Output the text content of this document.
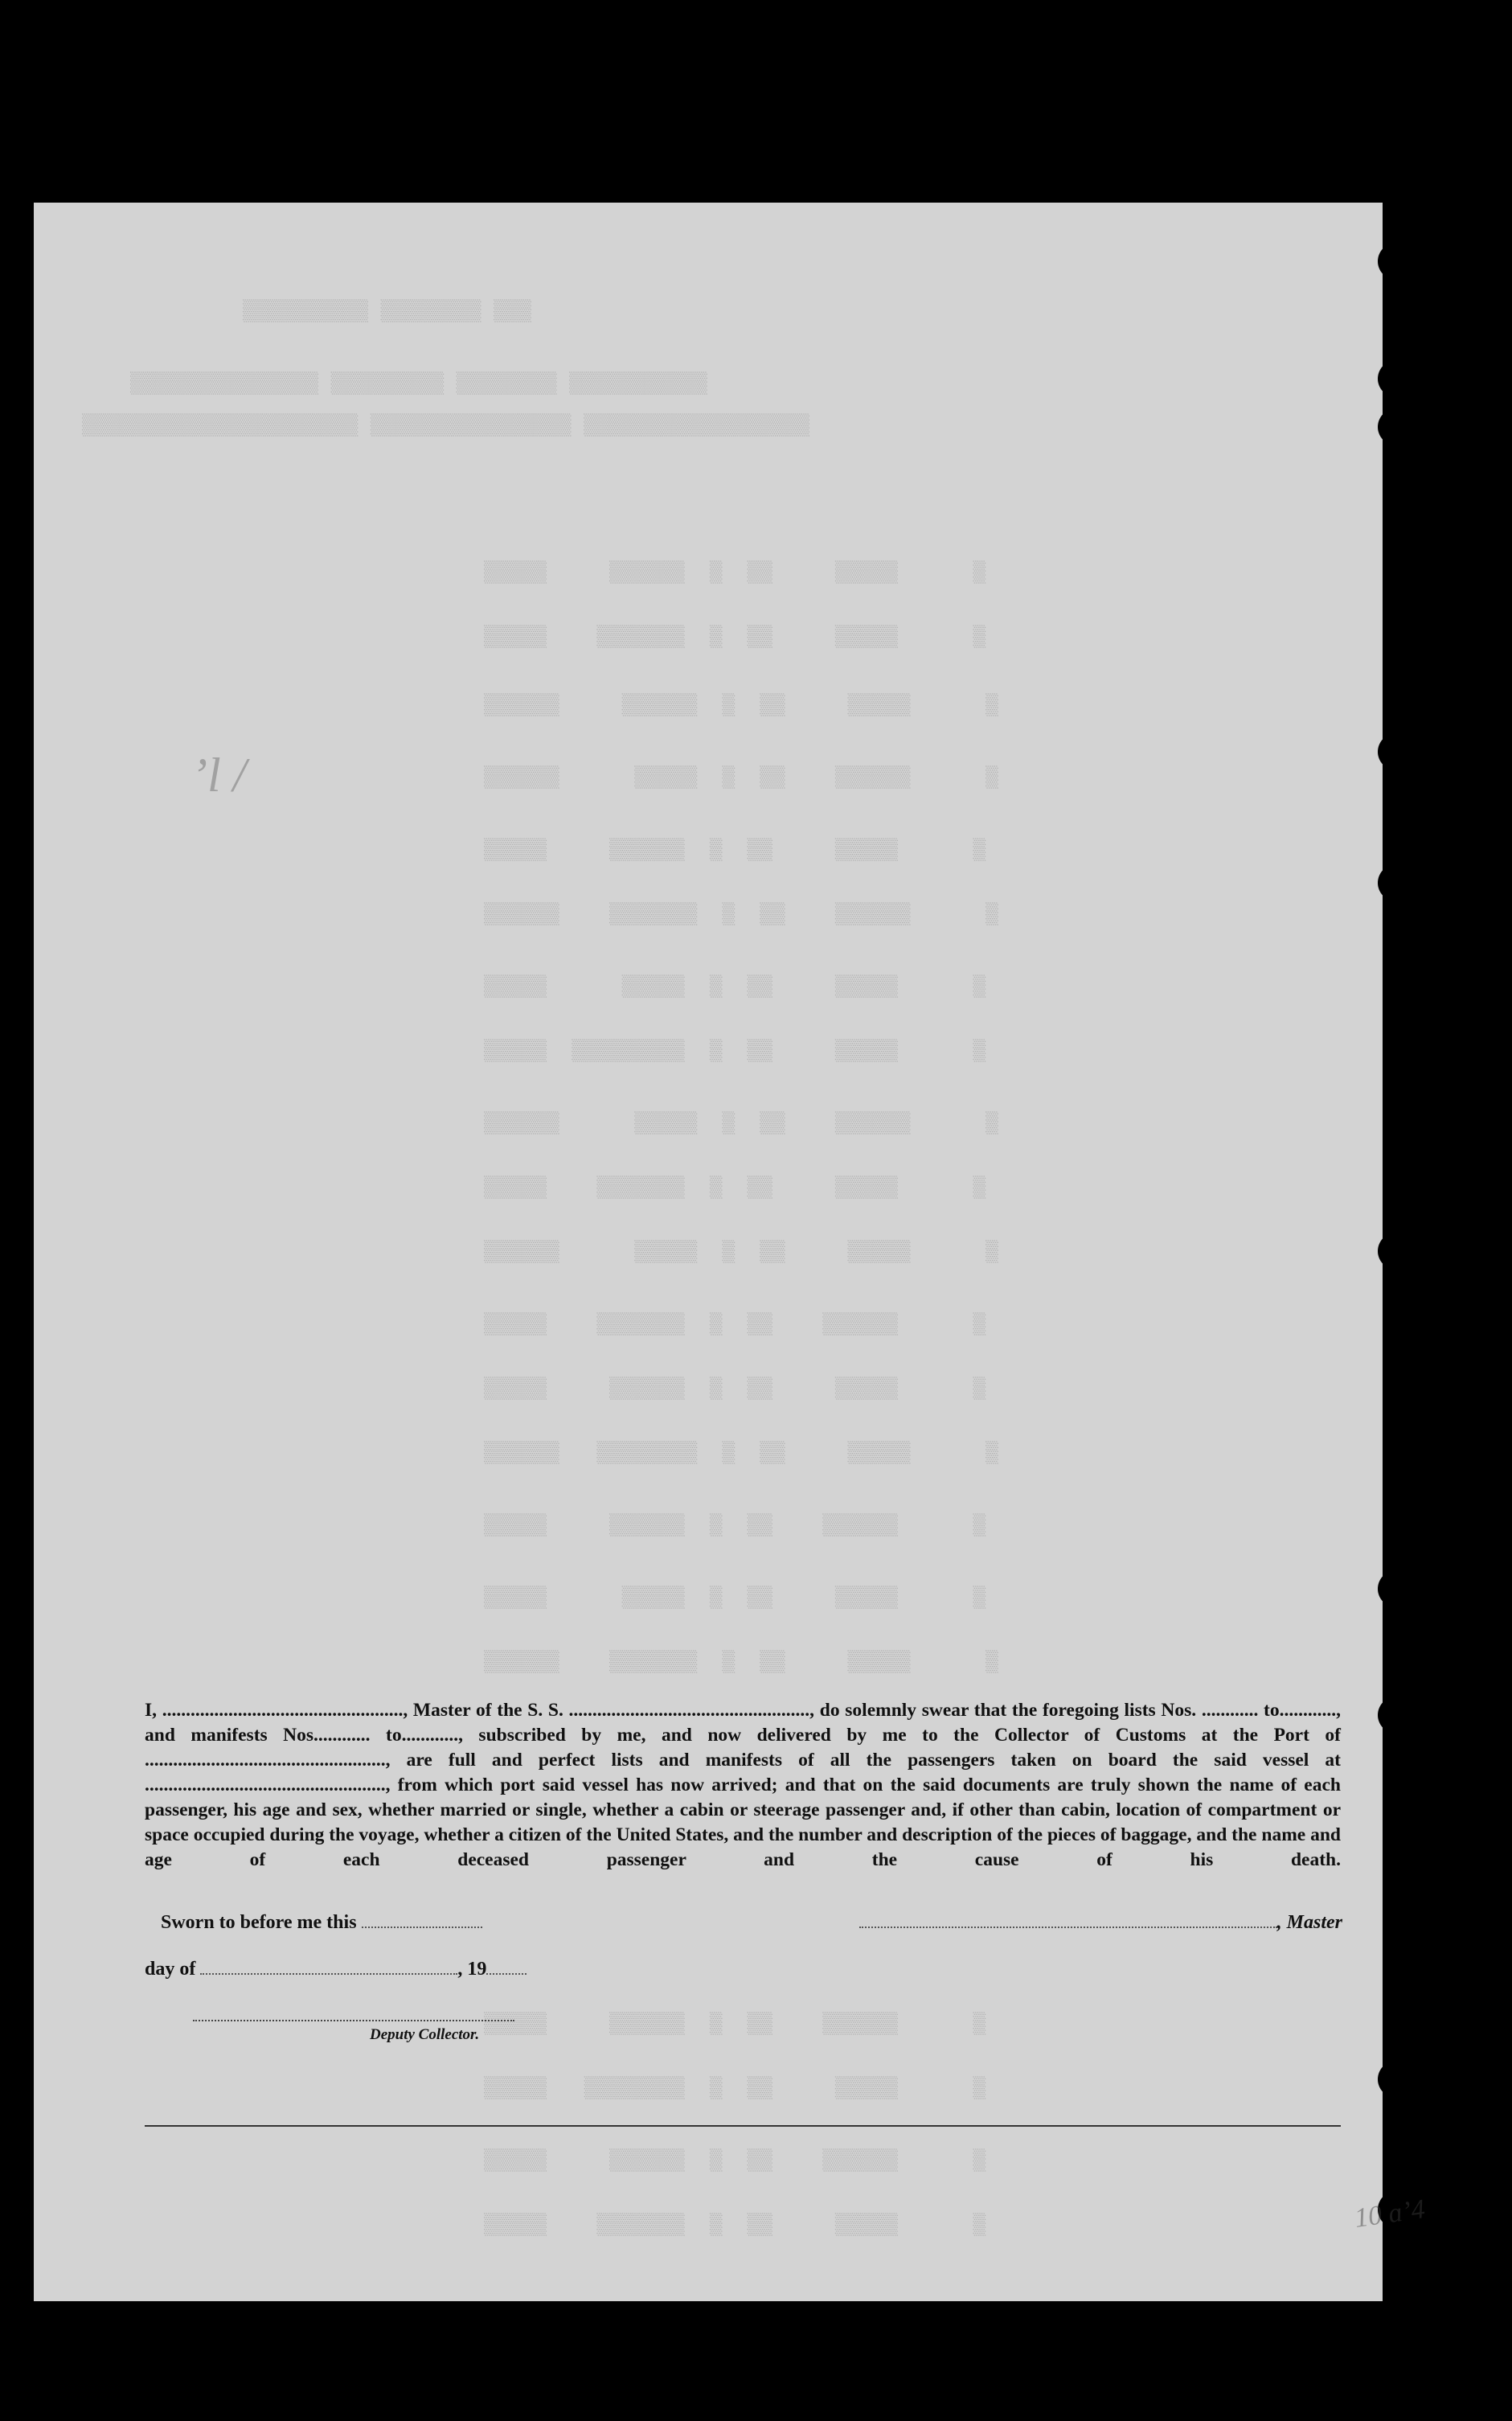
▒▒▒ ▒▒▒▒▒▒▒▒ ▒▒▒▒▒▒▒▒▒▒
▒▒▒▒▒▒▒▒▒▒▒ ▒▒▒▒▒▒▒▒ ▒▒▒▒▒▒▒▒▒ ▒▒▒▒▒▒▒▒▒▒▒▒▒▒▒
▒▒▒▒▒▒▒▒▒▒▒▒▒▒▒▒▒▒ ▒▒▒▒▒▒▒▒▒▒▒▒▒▒▒▒ ▒▒▒▒▒▒▒▒▒▒▒▒▒▒▒▒▒▒▒▒▒▒
▒      ▒▒▒▒▒     ▒▒  ▒  ▒▒▒▒▒▒     ▒▒▒▒▒
▒      ▒▒▒▒▒     ▒▒  ▒  ▒▒▒▒▒▒▒    ▒▒▒▒▒
▒      ▒▒▒▒▒     ▒▒  ▒  ▒▒▒▒▒▒     ▒▒▒▒▒▒
▒      ▒▒▒▒▒▒    ▒▒  ▒  ▒▒▒▒▒      ▒▒▒▒▒▒
▒      ▒▒▒▒▒     ▒▒  ▒  ▒▒▒▒▒▒     ▒▒▒▒▒
▒      ▒▒▒▒▒▒    ▒▒  ▒  ▒▒▒▒▒▒▒    ▒▒▒▒▒▒
▒      ▒▒▒▒▒     ▒▒  ▒  ▒▒▒▒▒      ▒▒▒▒▒
▒      ▒▒▒▒▒     ▒▒  ▒  ▒▒▒▒▒▒▒▒▒  ▒▒▒▒▒
▒      ▒▒▒▒▒▒    ▒▒  ▒  ▒▒▒▒▒      ▒▒▒▒▒▒
▒      ▒▒▒▒▒     ▒▒  ▒  ▒▒▒▒▒▒▒    ▒▒▒▒▒
▒      ▒▒▒▒▒     ▒▒  ▒  ▒▒▒▒▒      ▒▒▒▒▒▒
▒      ▒▒▒▒▒▒    ▒▒  ▒  ▒▒▒▒▒▒▒    ▒▒▒▒▒
▒      ▒▒▒▒▒     ▒▒  ▒  ▒▒▒▒▒▒     ▒▒▒▒▒
▒      ▒▒▒▒▒     ▒▒  ▒  ▒▒▒▒▒▒▒▒   ▒▒▒▒▒▒
▒      ▒▒▒▒▒▒    ▒▒  ▒  ▒▒▒▒▒▒     ▒▒▒▒▒
▒      ▒▒▒▒▒     ▒▒  ▒  ▒▒▒▒▒      ▒▒▒▒▒
▒      ▒▒▒▒▒     ▒▒  ▒  ▒▒▒▒▒▒▒    ▒▒▒▒▒▒
▒      ▒▒▒▒▒▒    ▒▒  ▒  ▒▒▒▒▒▒     ▒▒▒▒▒
▒      ▒▒▒▒▒     ▒▒  ▒  ▒▒▒▒▒▒▒▒   ▒▒▒▒▒
▒      ▒▒▒▒▒▒    ▒▒  ▒  ▒▒▒▒▒▒     ▒▒▒▒▒
▒      ▒▒▒▒▒     ▒▒  ▒  ▒▒▒▒▒▒▒    ▒▒▒▒▒
ʼl /

I, ..................................................., Master of the S. S. ..................................................., do solemnly swear that the foregoing lists Nos. ............ to............, and manifests Nos............ to............, subscribed by me, and now delivered by me to the Collector of Customs at the Port of ..................................................., are full and perfect lists and manifests of all the passengers taken on board the said vessel at ..................................................., from which port said vessel has now arrived; and that on the said documents are truly shown the name of each passenger, his age and sex, whether married or single, whether a cabin or steerage passenger and, if other than cabin, location of compartment or space occupied during the voyage, whether a citizen of the United States, and the number and description of the pieces of baggage, and the name and age of each deceased passenger and the cause of his death.

Sworn to before me this
day of	, 19
, Master
Deputy Collector.
10 ɑʼ4
ᗕ
